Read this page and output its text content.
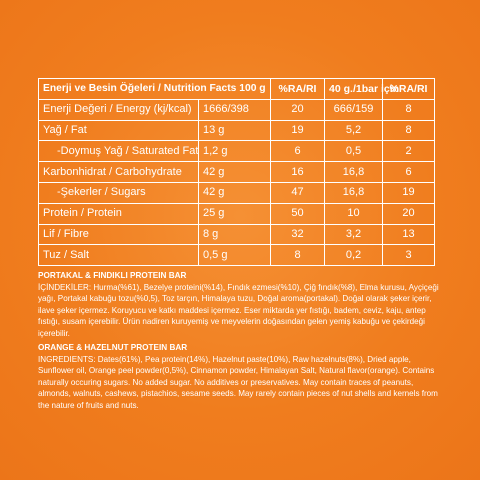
Enerji ve Besin Öğeleri / Nutrition Facts 100 g		%RA/RI	40 g./1bar için	%RA/RI
Enerji Değeri / Energy (kj/kcal)	1666/398	20	666/159	8
Yağ / Fat	13 g	19	5,2	8
-Doymuş Yağ / Saturated Fat	1,2 g	6	0,5	2
Karbonhidrat / Carbohydrate	42 g	16	16,8	6
-Şekerler / Sugars	42 g	47	16,8	19
Protein / Protein	25 g	50	10	20
Lif / Fibre	8 g	32	3,2	13
Tuz / Salt	0,5 g	8	0,2	3

PORTAKAL & FINDIKLI PROTEIN BAR

İÇİNDEKİLER: Hurma(%61), Bezelye proteini(%14), Fındık ezmesi(%10), Çiğ fındık(%8), Elma kurusu, Ayçiçeği yağı, Portakal kabuğu tozu(%0,5), Toz tarçın, Himalaya tuzu, Doğal aroma(portakal). Doğal olarak şeker içerir, ilave şeker içermez. Koruyucu ve katkı maddesi içermez. Eser miktarda yer fıstığı, badem, ceviz, kaju, antep fıstığı, susam içerebilir. Ürün nadiren kuruyemiş ve meyvelerin doğasından gelen yemiş kabuğu ve çekirdeği içerebilir.

ORANGE & HAZELNUT PROTEIN BAR

INGREDIENTS: Dates(61%), Pea protein(14%), Hazelnut paste(10%), Raw hazelnuts(8%), Dried apple, Sunflower oil, Orange peel powder(0,5%), Cinnamon powder, Himalayan Salt, Natural flavor(orange). Contains naturally occuring sugars. No added sugar. No additives or preservatives. May contain traces of peanuts, almonds, walnuts, cashews, pistachios, sesame seeds. May rarely contain pieces of nut shells and kernels from the nature of fruits and nuts.
